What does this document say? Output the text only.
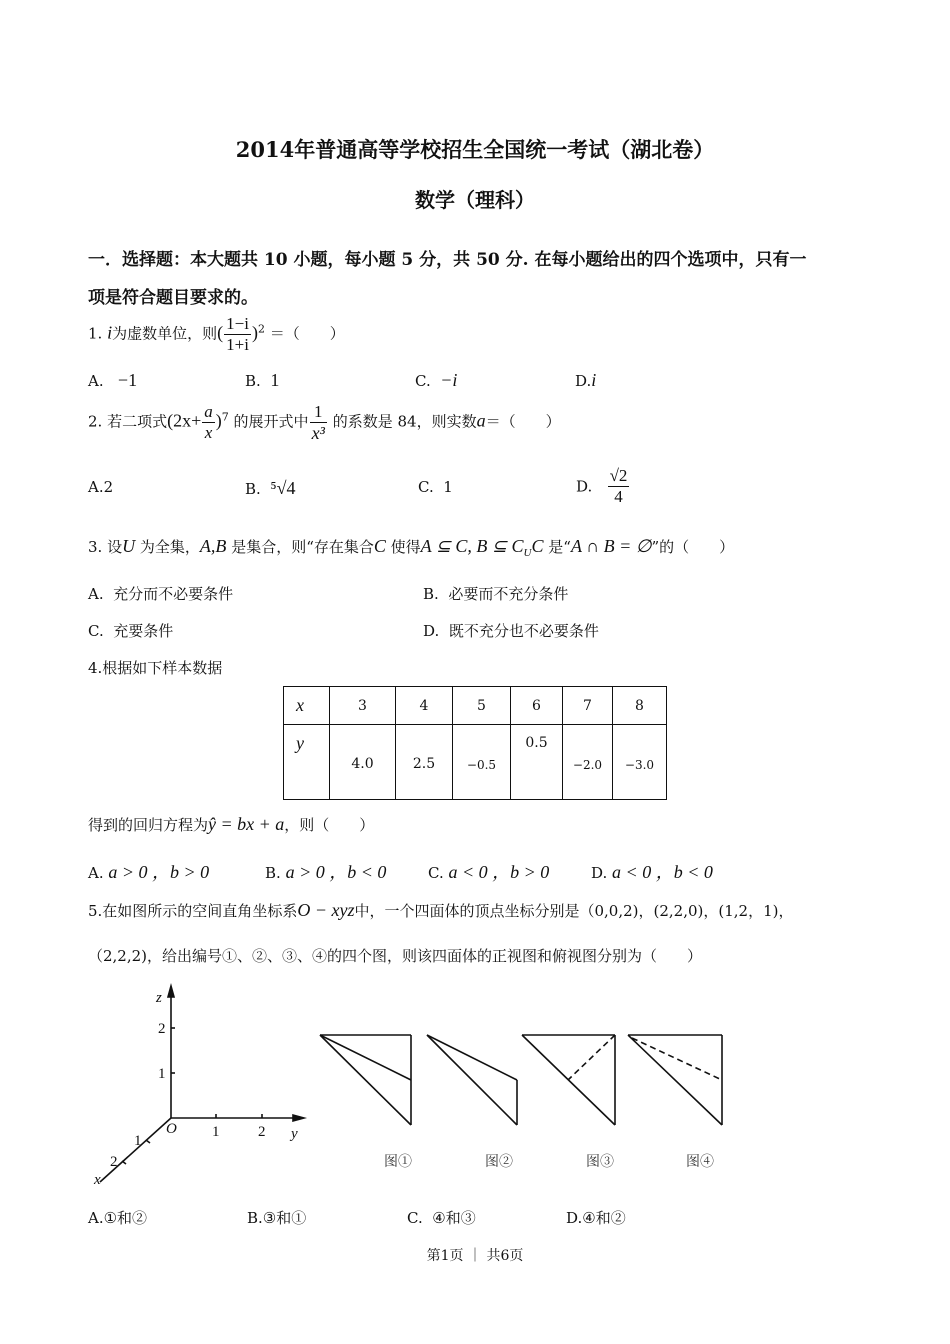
2014年普通高等学校招生全国统一考试（湖北卷）
数学（理科）
一．选择题：本大题共 10 小题，每小题 5 分，共 50 分. 在每小题给出的四个选项中，只有一
项是符合题目要求的。
1. i为虚数单位，则( $\frac{1-i}{1+i} )^2$ ＝（　　）
A. −1	B. 1	C. −i	D.i
2. 若二项式$(2x+ \frac{a}{x} )^7$ 的展开式中 $\frac{1}{\text{x³}}$ 的系数是 84，则实数a＝（　　）
A.2	B. ⁵√4	C. 1	D. $\frac{√2}{4}$
3. 设U 为全集，A,B 是集合，则“存在集合C 使得A ⊆ C, B ⊆ $C_UC$ 是“A ∩ B = ∅”的（　　）
A. 充分而不必要条件	B. 必要而不充分条件
C. 充要条件	D. 既不充分也不必要条件
4.根据如下样本数据
x	3	4	5	6	7	8
y	4.0	2.5	−0.5	0.5	−2.0	−3.0
得到的回归方程为ŷ = bx + a，则（　　）
A. a > 0 ，b > 0	B. a > 0 ，b < 0	C. a < 0 ，b > 0	D. a < 0 ，b < 0
5.在如图所示的空间直角坐标系O − xyz中，一个四面体的顶点坐标分别是（0,0,2)，(2,2,0)，(1,2，1)，
（2,2,2)，给出编号①、②、③、④的四个图，则该四面体的正视图和俯视图分别为（　　）
z
2
1
O 1	2 y
1
2
x
图①	图②	图③	图④
A.①和②	B.③和①	C. ④和③	D.④和②
第1页 ｜ 共6页
